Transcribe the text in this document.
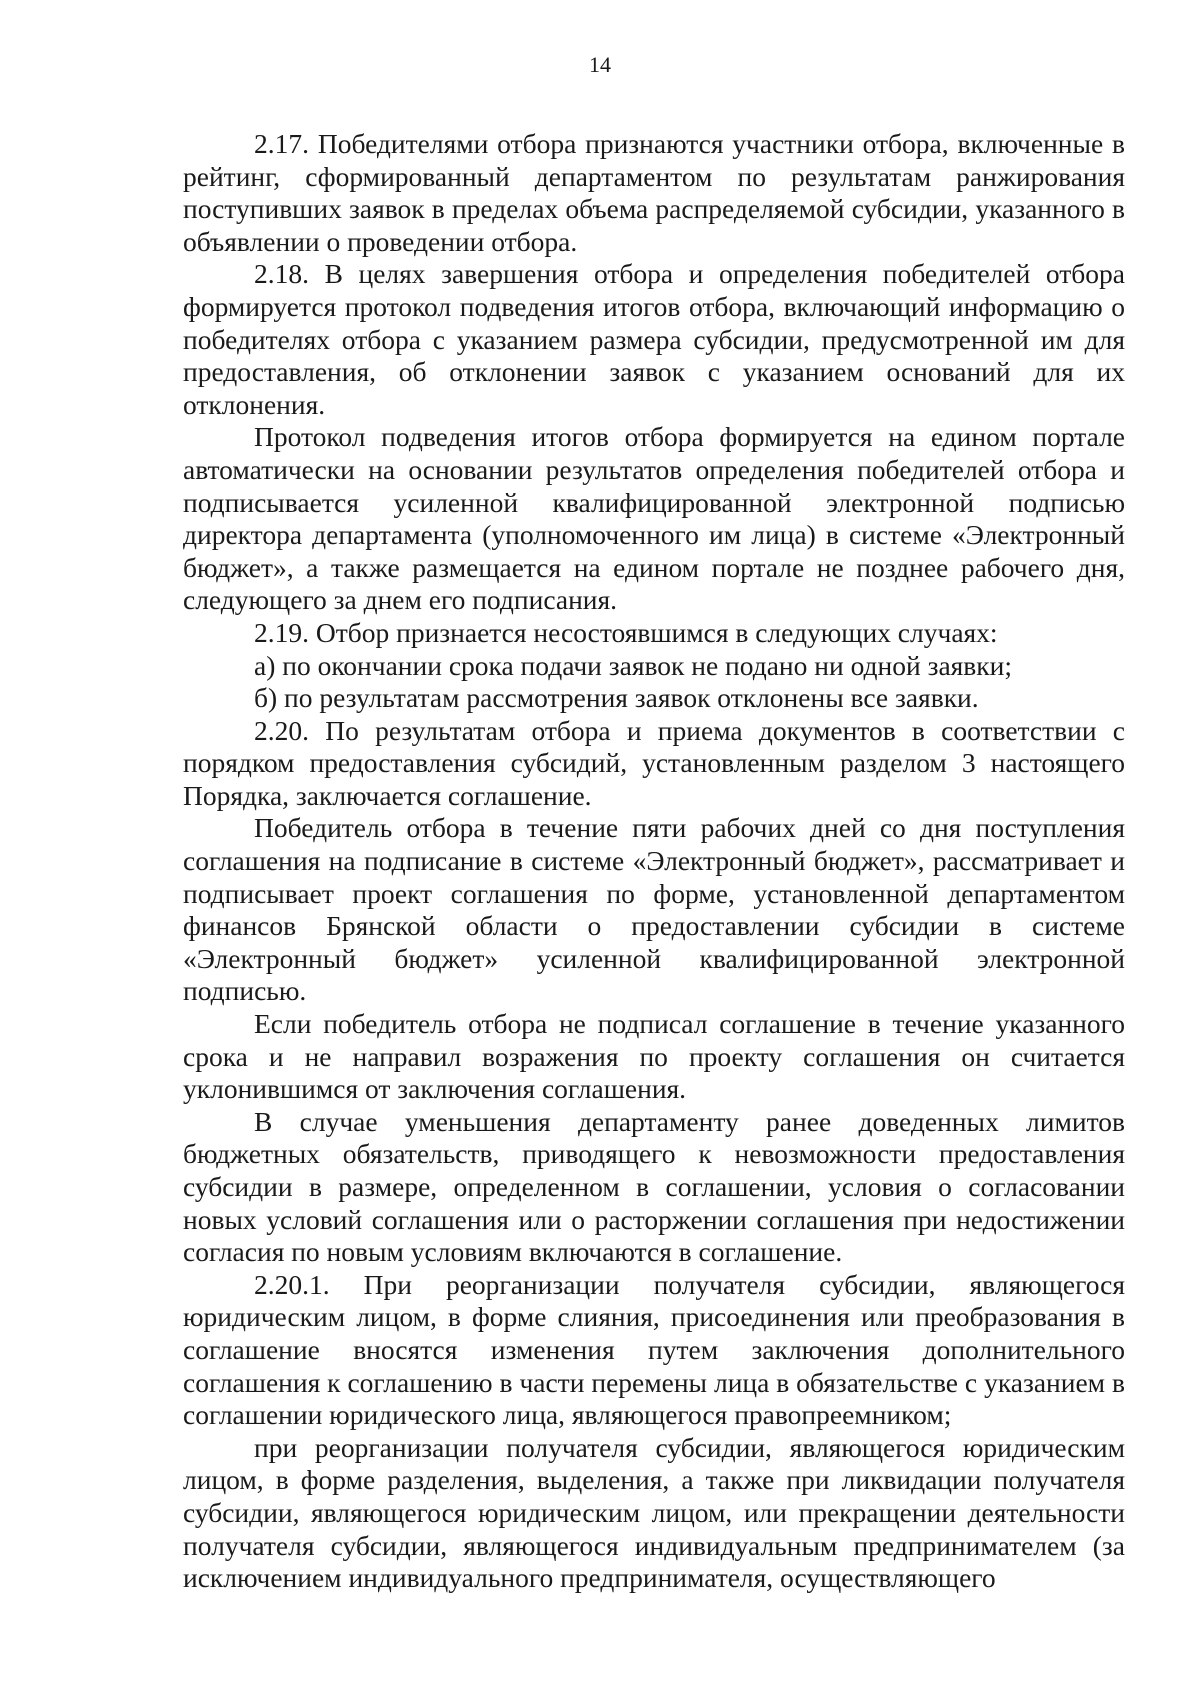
14

2.17. Победителями отбора признаются участники отбора, включенные в рейтинг, сформированный департаментом по результатам ранжирования поступивших заявок в пределах объема распределяемой субсидии, указанного в объявлении о проведении отбора.

2.18. В целях завершения отбора и определения победителей отбора формируется протокол подведения итогов отбора, включающий информацию о победителях отбора с указанием размера субсидии, предусмотренной им для предоставления, об отклонении заявок с указанием оснований для их отклонения.

Протокол подведения итогов отбора формируется на едином портале автоматически на основании результатов определения победителей отбора и подписывается усиленной квалифицированной электронной подписью директора департамента (уполномоченного им лица) в системе «Электронный бюджет», а также размещается на едином портале не позднее рабочего дня, следующего за днем его подписания.

2.19. Отбор признается несостоявшимся в следующих случаях:

а) по окончании срока подачи заявок не подано ни одной заявки;

б) по результатам рассмотрения заявок отклонены все заявки.

2.20. По результатам отбора и приема документов в соответствии с порядком предоставления субсидий, установленным разделом 3 настоящего Порядка, заключается соглашение.

Победитель отбора в течение пяти рабочих дней со дня поступления соглашения на подписание в системе «Электронный бюджет», рассматривает и подписывает проект соглашения по форме, установленной департаментом финансов Брянской области о предоставлении субсидии в системе «Электронный бюджет» усиленной квалифицированной электронной подписью.

Если победитель отбора не подписал соглашение в течение указанного срока и не направил возражения по проекту соглашения он считается уклонившимся от заключения соглашения.

В случае уменьшения департаменту ранее доведенных лимитов бюджетных обязательств, приводящего к невозможности предоставления субсидии в размере, определенном в соглашении, условия о согласовании новых условий соглашения или о расторжении соглашения при недостижении согласия по новым условиям включаются в соглашение.

2.20.1. При реорганизации получателя субсидии, являющегося юридическим лицом, в форме слияния, присоединения или преобразования в соглашение вносятся изменения путем заключения дополнительного соглашения к соглашению в части перемены лица в обязательстве с указанием в соглашении юридического лица, являющегося правопреемником;

при реорганизации получателя субсидии, являющегося юридическим лицом, в форме разделения, выделения, а также при ликвидации получателя субсидии, являющегося юридическим лицом, или прекращении деятельности получателя субсидии, являющегося индивидуальным предпринимателем (за исключением индивидуального предпринимателя, осуществляющего
